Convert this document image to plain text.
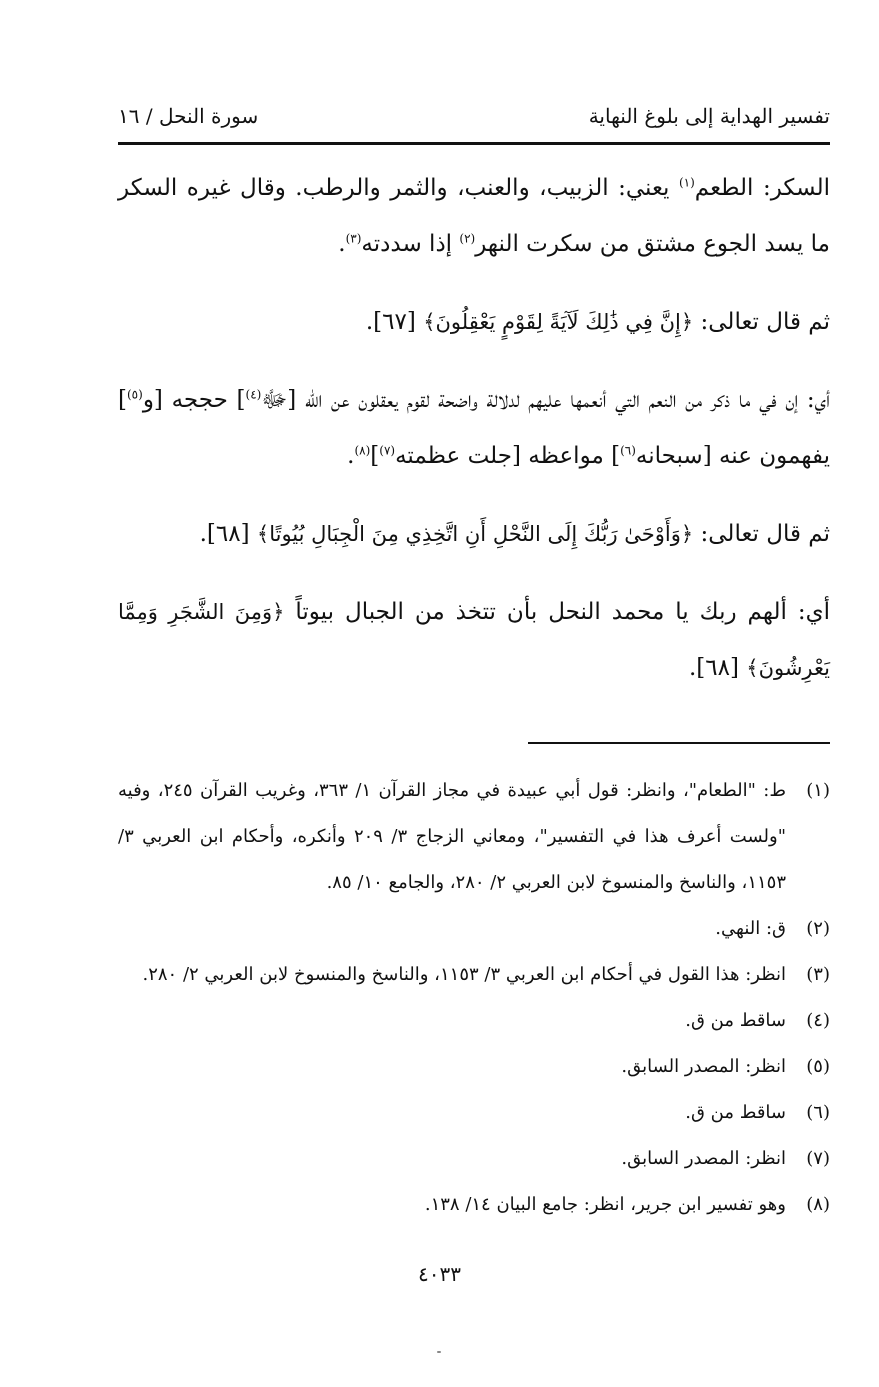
تفسير الهداية إلى بلوغ النهاية
سورة النحل / ١٦

السكر: الطعم$^{(١)}$ يعني: الزبيب، والعنب، والثمر والرطب. وقال غيره السكر ما يسد الجوع مشتق من سكرت النهر$^{(٢)}$ إذا سددته$^{(٣)}$.

ثم قال تعالى: ﴿إِنَّ فِي ذَٰلِكَ لَآيَةً لِقَوْمٍ يَعْقِلُونَ﴾ [٦٧].

أي: إن في ما ذكر من النعم التي أنعمها عليهم لدلالة واضحة لقوم يعقلون عن الله [ﷻ$^{(٤)}$] حججه [و$^{(٥)}$] يفهمون عنه [سبحانه$^{(٦)}$] مواعظه [جلت عظمته$^{(٧)}$]$^{(٨)}$.

ثم قال تعالى: ﴿وَأَوْحَىٰ رَبُّكَ إِلَى النَّحْلِ أَنِ اتَّخِذِي مِنَ الْجِبَالِ بُيُوتًا﴾ [٦٨].

أي: ألهم ربك يا محمد النحل بأن تتخذ من الجبال بيوتاً ﴿وَمِنَ الشَّجَرِ وَمِمَّا يَعْرِشُونَ﴾ [٦٨].

(١)
ط: "الطعام"، وانظر: قول أبي عبيدة في مجاز القرآن ١/ ٣٦٣، وغريب القرآن ٢٤٥، وفيه "ولست أعرف هذا في التفسير"، ومعاني الزجاج ٣/ ٢٠٩ وأنكره، وأحكام ابن العربي ٣/ ١١٥٣، والناسخ والمنسوخ لابن العربي ٢/ ٢٨٠، والجامع ١٠/ ٨٥.
(٢)
ق: النهي.
(٣)
انظر: هذا القول في أحكام ابن العربي ٣/ ١١٥٣، والناسخ والمنسوخ لابن العربي ٢/ ٢٨٠.
(٤)
ساقط من ق.
(٥)
انظر: المصدر السابق.
(٦)
ساقط من ق.
(٧)
انظر: المصدر السابق.
(٨)
وهو تفسير ابن جرير، انظر: جامع البيان ١٤/ ١٣٨.
٤٠٣٣
